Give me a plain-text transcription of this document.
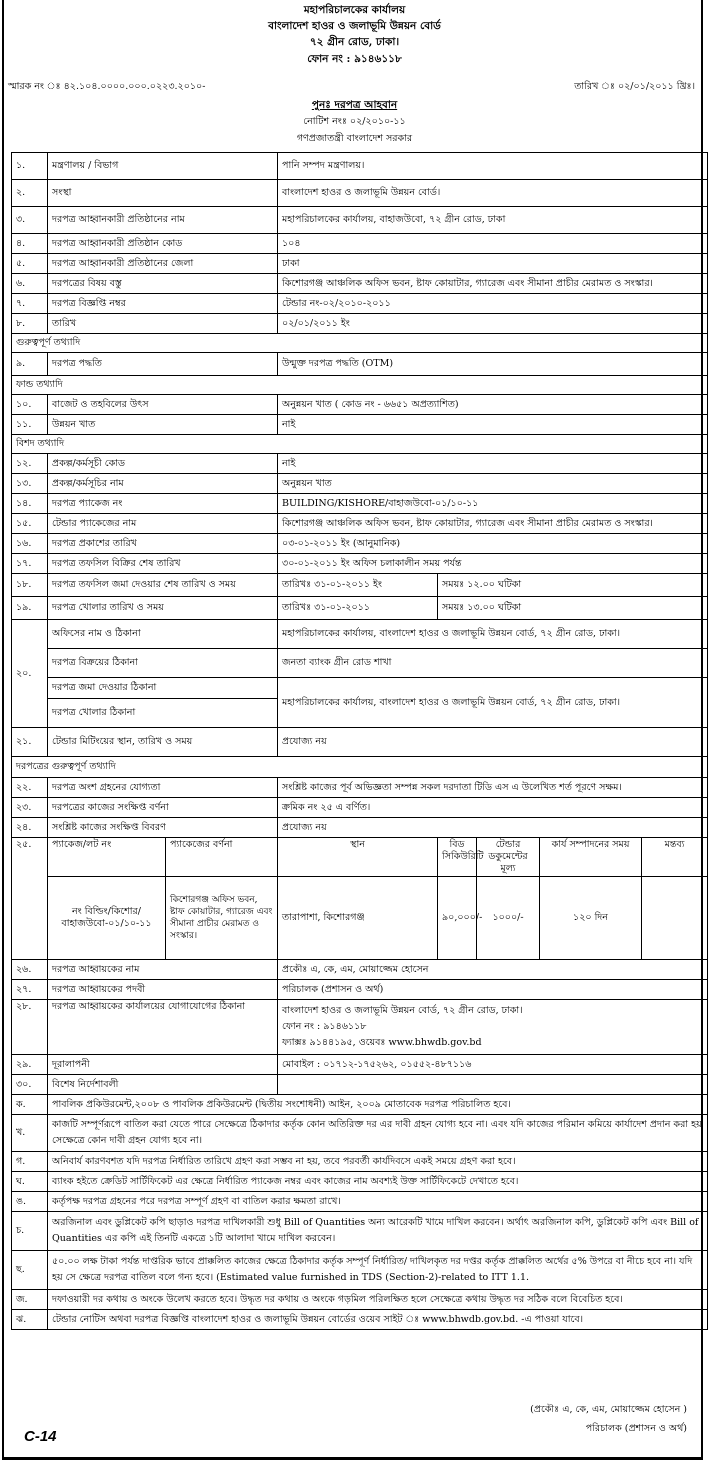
মহাপরিচালকের কার্যালয়
বাংলাদেশ হাওর ও জলাভূমি উন্নয়ন বোর্ড
৭২ গ্রীন রোড, ঢাকা।
ফোন নং : ৯১৪৬১১৮
স্মারক নং ঃ ৪২.১০৪.০০০০.০০০.০২২৩.২০১০-	তারিখ ঃ ০২/০১/২০১১ খ্রিঃ।
পুনঃ দরপত্র আহবান
নোটিশ নংঃ ০২/২০১০-১১
গণপ্রজাতন্ত্রী বাংলাদেশ সরকার
১.	মন্ত্রণালয় / বিভাগ		পানি সম্পদ মন্ত্রণালয়।				
২.	সংস্থা		বাংলাদেশ হাওর ও জলাভূমি উন্নয়ন বোর্ড।				
৩.	দরপত্র আহ্বানকারী প্রতিষ্ঠানের নাম		মহাপরিচালকের কার্যালয়, বাহাজউবো, ৭২ গ্রীন রোড, ঢাকা				
৪.	দরপত্র আহ্বানকারী প্রতিষ্ঠান কোড		১০৪				
৫.	দরপত্র আহ্বানকারী প্রতিষ্ঠানের জেলা		ঢাকা				
৬.	দরপত্রের বিষয় বস্তু		কিশোরগঞ্জ আঞ্চলিক অফিস ভবন, ষ্টাফ কোয়াটার, গ্যারেজ এবং সীমানা প্রাচীর মেরামত ও সংস্কার।				
৭.	দরপত্র বিজ্ঞপ্তি নম্বর		টেন্ডার নং-০২/২০১০-২০১১				
৮.	তারিখ		০২/০১/২০১১ ইং				
গুরুত্বপূর্ণ তথ্যাদি							
৯.	দরপত্র পদ্ধতি		উন্মুক্ত দরপত্র পদ্ধতি (OTM)				
ফান্ড তথ্যাদি							
১০.	বাজেট ও তহবিলের উৎস		অনুন্নয়ন খাত ( কোড নং - ৬৬৫১ অপ্রত্যাশিত)				
১১.	উন্নয়ন খাত		নাই				
বিশদ তথ্যাদি							
১২.	প্রকল্প/কর্মসূচী কোড		নাই				
১৩.	প্রকল্প/কর্মসূচির নাম		অনুন্নয়ন খাত				
১৪.	দরপত্র প্যাকেজ নং		BUILDING/KISHORE/বাহাজউবো-০১/১০-১১				
১৫.	টেন্ডার প্যাকেজের নাম		কিশোরগঞ্জ আঞ্চলিক অফিস ভবন, ষ্টাফ কোয়াটার, গ্যারেজ এবং সীমানা প্রাচীর মেরামত ও সংস্কার।				
১৬.	দরপত্র প্রকাশের তারিখ		০৩-০১-২০১১ ইং (আনুমানিক)				
১৭.	দরপত্র তফসিল বিক্রির শেষ তারিখ		৩০-০১-২০১১ ইং অফিস চলাকালীন সময় পর্যন্ত				
১৮.	দরপত্র তফসিল জমা দেওয়ার শেষ তারিখ ও সময়		তারিখঃ ৩১-০১-২০১১ ইং	সময়ঃ ১২.০০ ঘটিকা			
১৯.	দরপত্র খোলার তারিখ ও সময়		তারিখঃ ৩১-০১-২০১১	সময়ঃ ১৩.০০ ঘটিকা			
২০.	অফিসের নাম ও ঠিকানা		মহাপরিচালকের কার্যালয়, বাংলাদেশ হাওর ও জলাভূমি উন্নয়ন বোর্ড, ৭২ গ্রীন রোড, ঢাকা।				
	দরপত্র বিক্রয়ের ঠিকানা		জনতা ব্যাংক গ্রীন রোড শাখা				
	দরপত্র জমা দেওয়ার ঠিকানা		মহাপরিচালকের কার্যালয়, বাংলাদেশ হাওর ও জলাভূমি উন্নয়ন বোর্ড, ৭২ গ্রীন রোড, ঢাকা।				
	দরপত্র খোলার ঠিকানা						
২১.	টেন্ডার মিটিংয়ের স্থান, তারিখ ও সময়		প্রযোজ্য নয়				
দরপত্রের গুরুত্বপূর্ণ তথ্যাদি							
২২.	দরপত্র অংশ গ্রহনের যোগ্যতা		সংশ্লিষ্ট কাজের পূর্ব অভিজ্ঞতা সম্পন্ন সকল দরদাতা টিডি এস এ উলেখিত শর্ত পূরণে সক্ষম।				
২৩.	দরপত্রের কাজের সংক্ষিপ্ত বর্ণনা		ক্রমিক নং ২৫ এ বর্ণিত।				
২৪.	সংশ্লিষ্ট কাজের সংক্ষিপ্ত বিবরণ		প্রযোজ্য নয়				
২৫.	প্যাকেজ/লট নং	প্যাকেজের বর্ণনা	স্থান	বিড সিকিউরিটি	টেন্ডার ডকুমেন্টের মূল্য	কার্য সম্পাদনের সময়	মন্তব্য
	নং বিল্ডিং/কিশোর/ বাহাজউবো-০১/১০-১১	কিশোরগঞ্জ অফিস ভবন, ষ্টাফ কোয়াটার, গ্যারেজ এবং সীমানা প্রাচীর মেরামত ও সংস্কার।	তারাপাশা, কিশোরগঞ্জ	৯০,০০০/-	১০০০/-	১২০ দিন	
২৬.	দরপত্র আহ্বায়কের নাম		প্রকৌঃ এ, কে, এম, মোয়াজ্জেম হোসেন				
২৭.	দরপত্র আহ্বায়কের পদবী		পরিচালক (প্রশাসন ও অর্থ)				
২৮.	দরপত্র আহ্বায়কের কার্যালয়ের যোগাযোগের ঠিকানা		বাংলাদেশ হাওর ও জলাভূমি উন্নয়ন বোর্ড, ৭২ গ্রীন রোড, ঢাকা।
ফোন নং : ৯১৪৬১১৮
ফ্যাক্সঃ ৯১৪৪১৯৫, ওয়েবঃ www.bhwdb.gov.bd				

২৯.	দূরালাপনী		মোবাইল : ০১৭১২-১৭৫২৬২, ০১৫৫২-৪৮৭১১৬				
৩০.	বিশেষ নির্দেশাবলী						
ক.	পাবলিক প্রকিউরমেন্ট,২০০৮ ও পাবলিক প্রকিউরমেন্ট (দ্বিতীয় সংশোধনী) আইন, ২০০৯ মোতাবেক দরপত্র পরিচালিত হবে।						
খ.	কাজটি সম্পূর্ণরূপে বাতিল করা যেতে পারে সেক্ষেত্রে ঠিকাদার কর্তৃক কোন অতিরিক্ত দর এর দাবী গ্রহন যোগ্য হবে না। এবং যদি কাজের পরিমান কমিয়ে কার্যাদেশ প্রদান করা হয় সেক্ষেত্রে কোন দাবী গ্রহন যোগ্য হবে না।						
গ.	অনিবার্য কারণবশত যদি দরপত্র নির্ধারিত তারিখে গ্রহণ করা সম্ভব না হয়, তবে পরবর্তী কার্যদিবসে একই সময়ে গ্রহণ করা হবে।						
ঘ.	ব্যাংক হইতে ক্রেডিট সার্টিফিকেট এর ক্ষেত্রে নির্ধারিত প্যাকেজ নম্বর এবং কাজের নাম অবশ্যই উক্ত সার্টিফিকেটে দেখাতে হবে।						
ঙ.	কর্তৃপক্ষ দরপত্র গ্রহনের পরে দরপত্র সম্পূর্ণ গ্রহণ বা বাতিল করার ক্ষমতা রাখে।						
চ.	অরজিনাল এবং ডুপ্লিকেট কপি ছাড়াও দরপত্র দাখিলকারী শুধু Bill of Quantities অন্য আরেকটি খামে দাখিল করবেন। অর্থাৎ অরজিনাল কপি, ডুপ্লিকেট কপি এবং Bill of Quantities এর কপি এই তিনটি একত্রে ১টি আলাদা খামে দাখিল করবেন।						
ছ.	৫০.০০ লক্ষ টাকা পর্যন্ত দাপ্তরিক ভাবে প্রাক্কলিত কাজের ক্ষেত্রে ঠিকাদার কর্তৃক সম্পূর্ণ নির্ধারিত/ দাখিলকৃত দর দপ্তর কর্তৃক প্রাক্কলিত অর্থের ৫% উপরে বা নীচে হবে না। যদি হয় সে ক্ষেত্রে দরপত্র বাতিল বলে গন্য হবে। (Estimated value furnished in TDS (Section-2)-related to ITT 1.1.						
জ.	দফাওয়ারী দর কথায় ও অংকে উলেখ করতে হবে। উদ্ধৃত দর কথায় ও অংকে গড়মিল পরিলক্ষিত হলে সেক্ষেত্রে কথায় উদ্ধৃত দর সঠিক বলে বিবেচিত হবে।						
ঝ.	টেন্ডার নোটিস অথবা দরপত্র বিজ্ঞপ্তি বাংলাদেশ হাওর ও জলাভূমি উন্নয়ন বোর্ডের ওয়েব সাইট ঃ www.bhwdb.gov.bd. -এ পাওয়া যাবে।						
C-14
(প্রকৌঃ এ, কে, এম, মোয়াজ্জেম হোসেন )
পরিচালক (প্রশাসন ও অর্থ)
